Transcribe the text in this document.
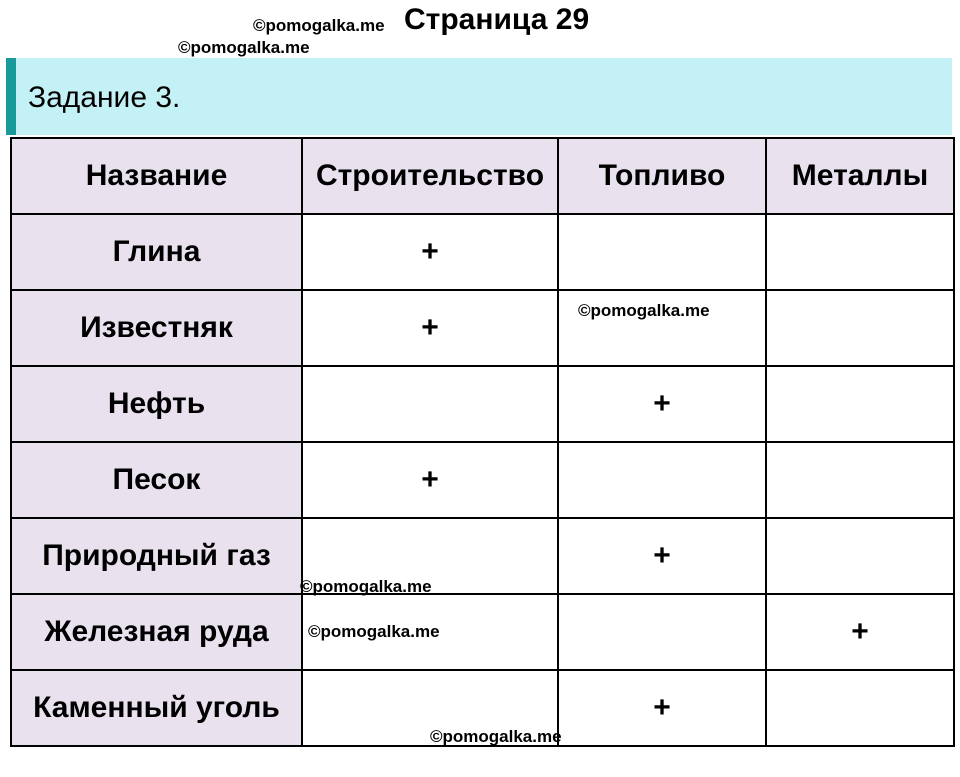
Страница 29
©pomogalka.me
©pomogalka.me
Задание 3.
Название	Строительство	Топливо	Металлы
Глина	+		
Известняк	+		
Нефть		+	
Песок	+		
Природный газ		+	
Железная руда			+
Каменный уголь		+	
©pomogalka.me
©pomogalka.me
©pomogalka.me
©pomogalka.me
